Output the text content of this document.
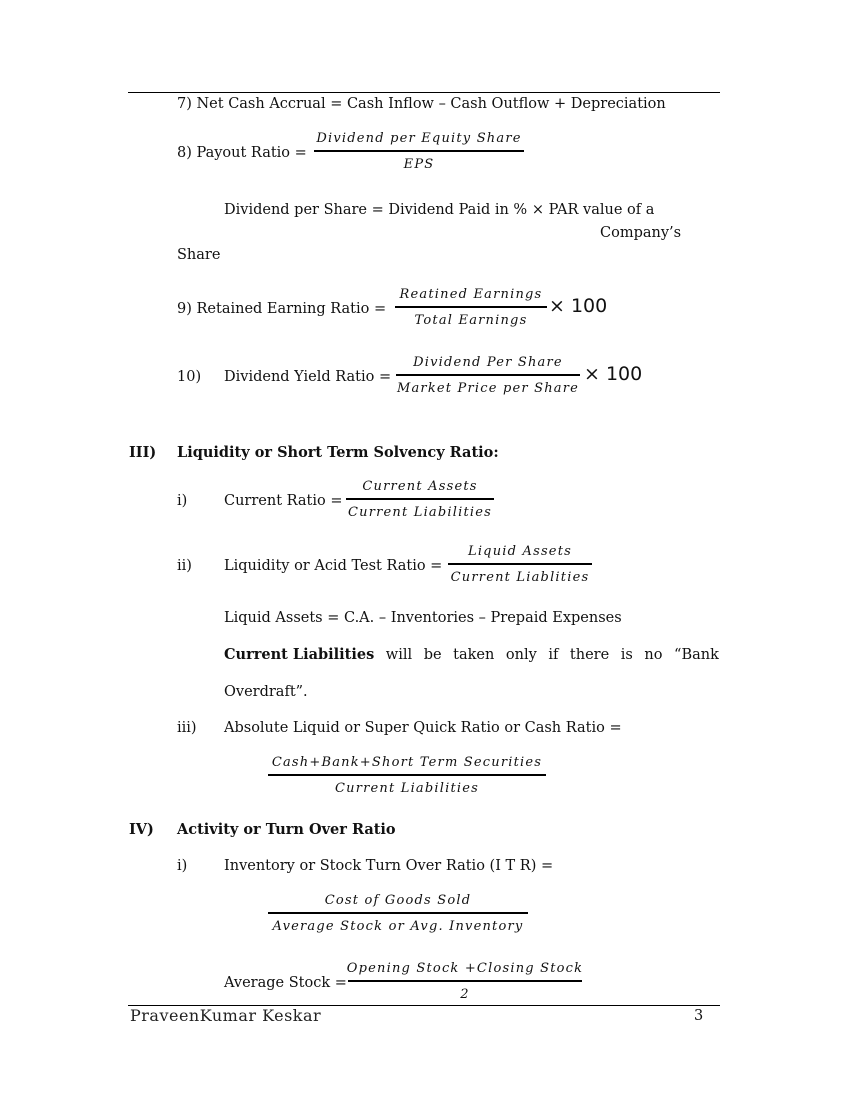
7) Net Cash Accrual = Cash Inflow – Cash Outflow + Depreciation
8) Payout Ratio =
Dividend per Equity Share
EPS
Dividend per Share = Dividend Paid in % × PAR value of a
Company’s
Share
9) Retained Earning Ratio =
Reatined Earnings
Total Earnings
× 100
10) Dividend Yield Ratio =
Dividend Per Share
Market Price per Share
× 100
III) Liquidity or Short Term Solvency Ratio:
i)	Current Ratio =
Current Assets
Current Liabilities
ii) Liquidity or Acid Test Ratio =
Liquid Assets
Current Liablities
Liquid Assets = C.A. – Inventories – Prepaid Expenses
Current Liabilities will be taken only if there is no “Bank
Overdraft”.
iii) Absolute Liquid or Super Quick Ratio or Cash Ratio =
Cash+Bank+Short Term Securities
Current Liabilities
IV) Activity or Turn Over Ratio
i)	Inventory or Stock Turn Over Ratio (I T R) =
Cost of Goods Sold
Average Stock or Avg. Inventory
Average Stock =
Opening Stock +Closing Stock
2
PraveenKumar Keskar	3
